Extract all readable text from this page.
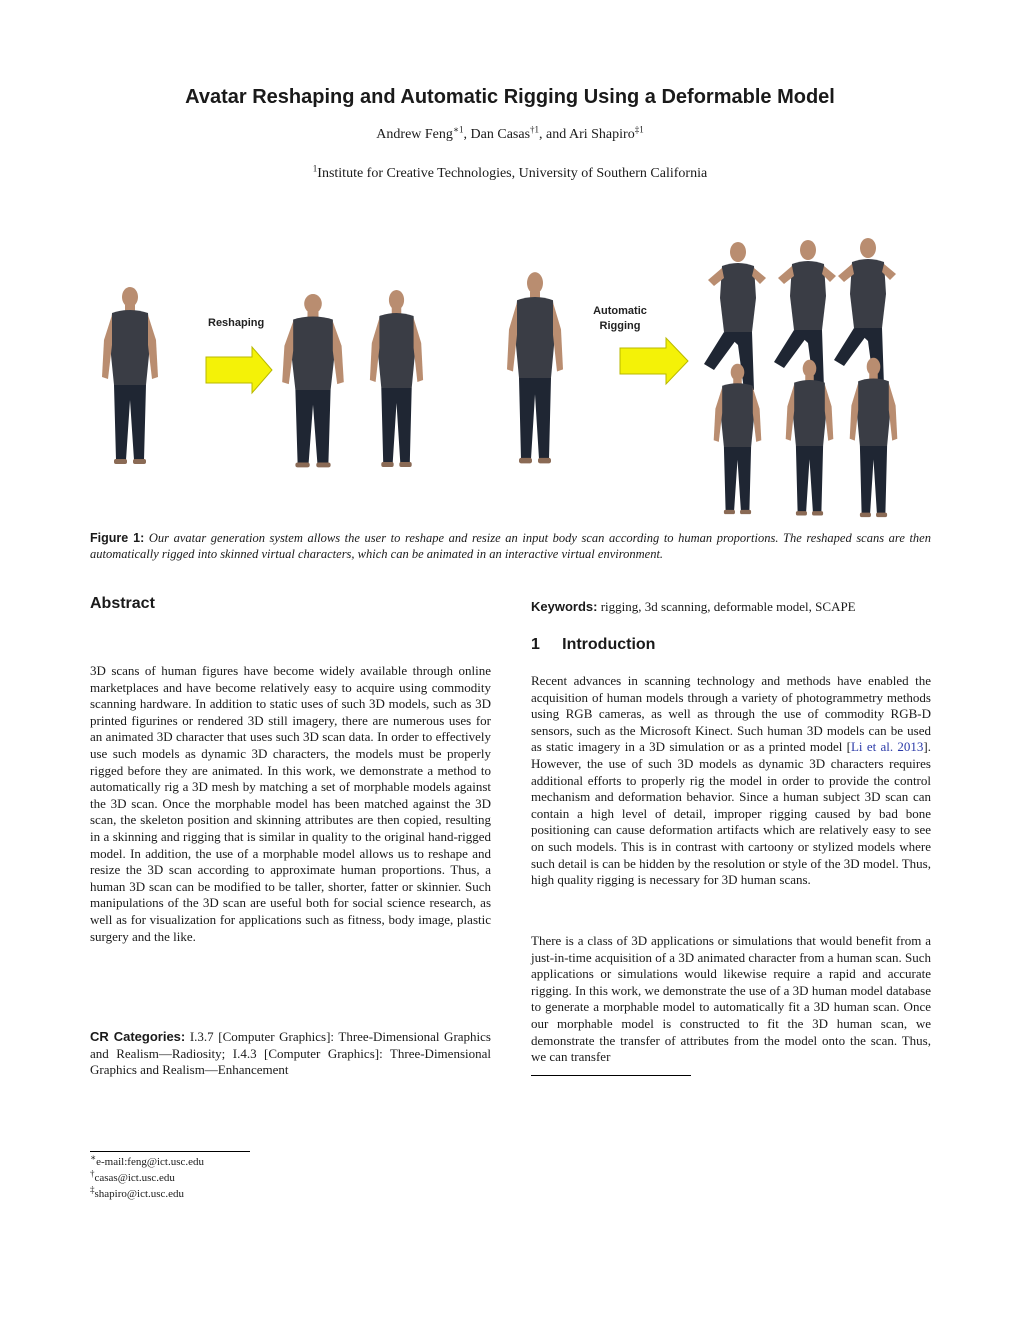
Avatar Reshaping and Automatic Rigging Using a Deformable Model
Andrew Feng$^{∗1}$, Dan Casas$^{\dagger 1}$, and Ari Shapiro$^{\ddagger 1}$
$^1$Institute for Creative Technologies, University of Southern California
Reshaping
Automatic
Rigging
Figure 1: Our avatar generation system allows the user to reshape and resize an input body scan according to human proportions. The reshaped scans are then automatically rigged into skinned virtual characters, which can be animated in an interactive virtual environment.
Abstract
3D scans of human figures have become widely available through online marketplaces and have become relatively easy to acquire using commodity scanning hardware. In addition to static uses of such 3D models, such as 3D printed figurines or rendered 3D still imagery, there are numerous uses for an animated 3D character that uses such 3D scan data. In order to effectively use such models as dynamic 3D characters, the models must be properly rigged before they are animated. In this work, we demonstrate a method to automatically rig a 3D mesh by matching a set of morphable models against the 3D scan. Once the morphable model has been matched against the 3D scan, the skeleton position and skinning attributes are then copied, resulting in a skinning and rigging that is similar in quality to the original hand-rigged model. In addition, the use of a morphable model allows us to reshape and resize the 3D scan according to approximate human proportions. Thus, a human 3D scan can be modified to be taller, shorter, fatter or skinnier. Such manipulations of the 3D scan are useful both for social science research, as well as for visualization for applications such as fitness, body image, plastic surgery and the like.
CR Categories: I.3.7 [Computer Graphics]: Three-Dimensional Graphics and Realism—Radiosity; I.4.3 [Computer Graphics]: Three-Dimensional Graphics and Realism—Enhancement
Keywords: rigging, 3d scanning, deformable model, SCAPE
1     Introduction
Recent advances in scanning technology and methods have enabled the acquisition of human models through a variety of photogrammetry methods using RGB cameras, as well as through the use of commodity RGB-D sensors, such as the Microsoft Kinect. Such human 3D models can be used as static imagery in a 3D simulation or as a printed model [Li et al. 2013]. However, the use of such 3D models as dynamic 3D characters requires additional efforts to properly rig the model in order to provide the control mechanism and deformation behavior. Since a human subject 3D scan can contain a high level of detail, improper rigging caused by bad bone positioning can cause deformation artifacts which are relatively easy to see on such models. This is in contrast with cartoony or stylized models where such detail is can be hidden by the resolution or style of the 3D model. Thus, high quality rigging is necessary for 3D human scans.
There is a class of 3D applications or simulations that would benefit from a just-in-time acquisition of a 3D animated character from a human scan. Such applications or simulations would likewise require a rapid and accurate rigging. In this work, we demonstrate the use of a 3D human model database to generate a morphable model to automatically fit a 3D human scan. Once our morphable model is constructed to fit the 3D human scan, we demonstrate the transfer of attributes from the model onto the scan. Thus, we can transfer
∗e-mail:feng@ict.usc.edu
†casas@ict.usc.edu
‡shapiro@ict.usc.edu
